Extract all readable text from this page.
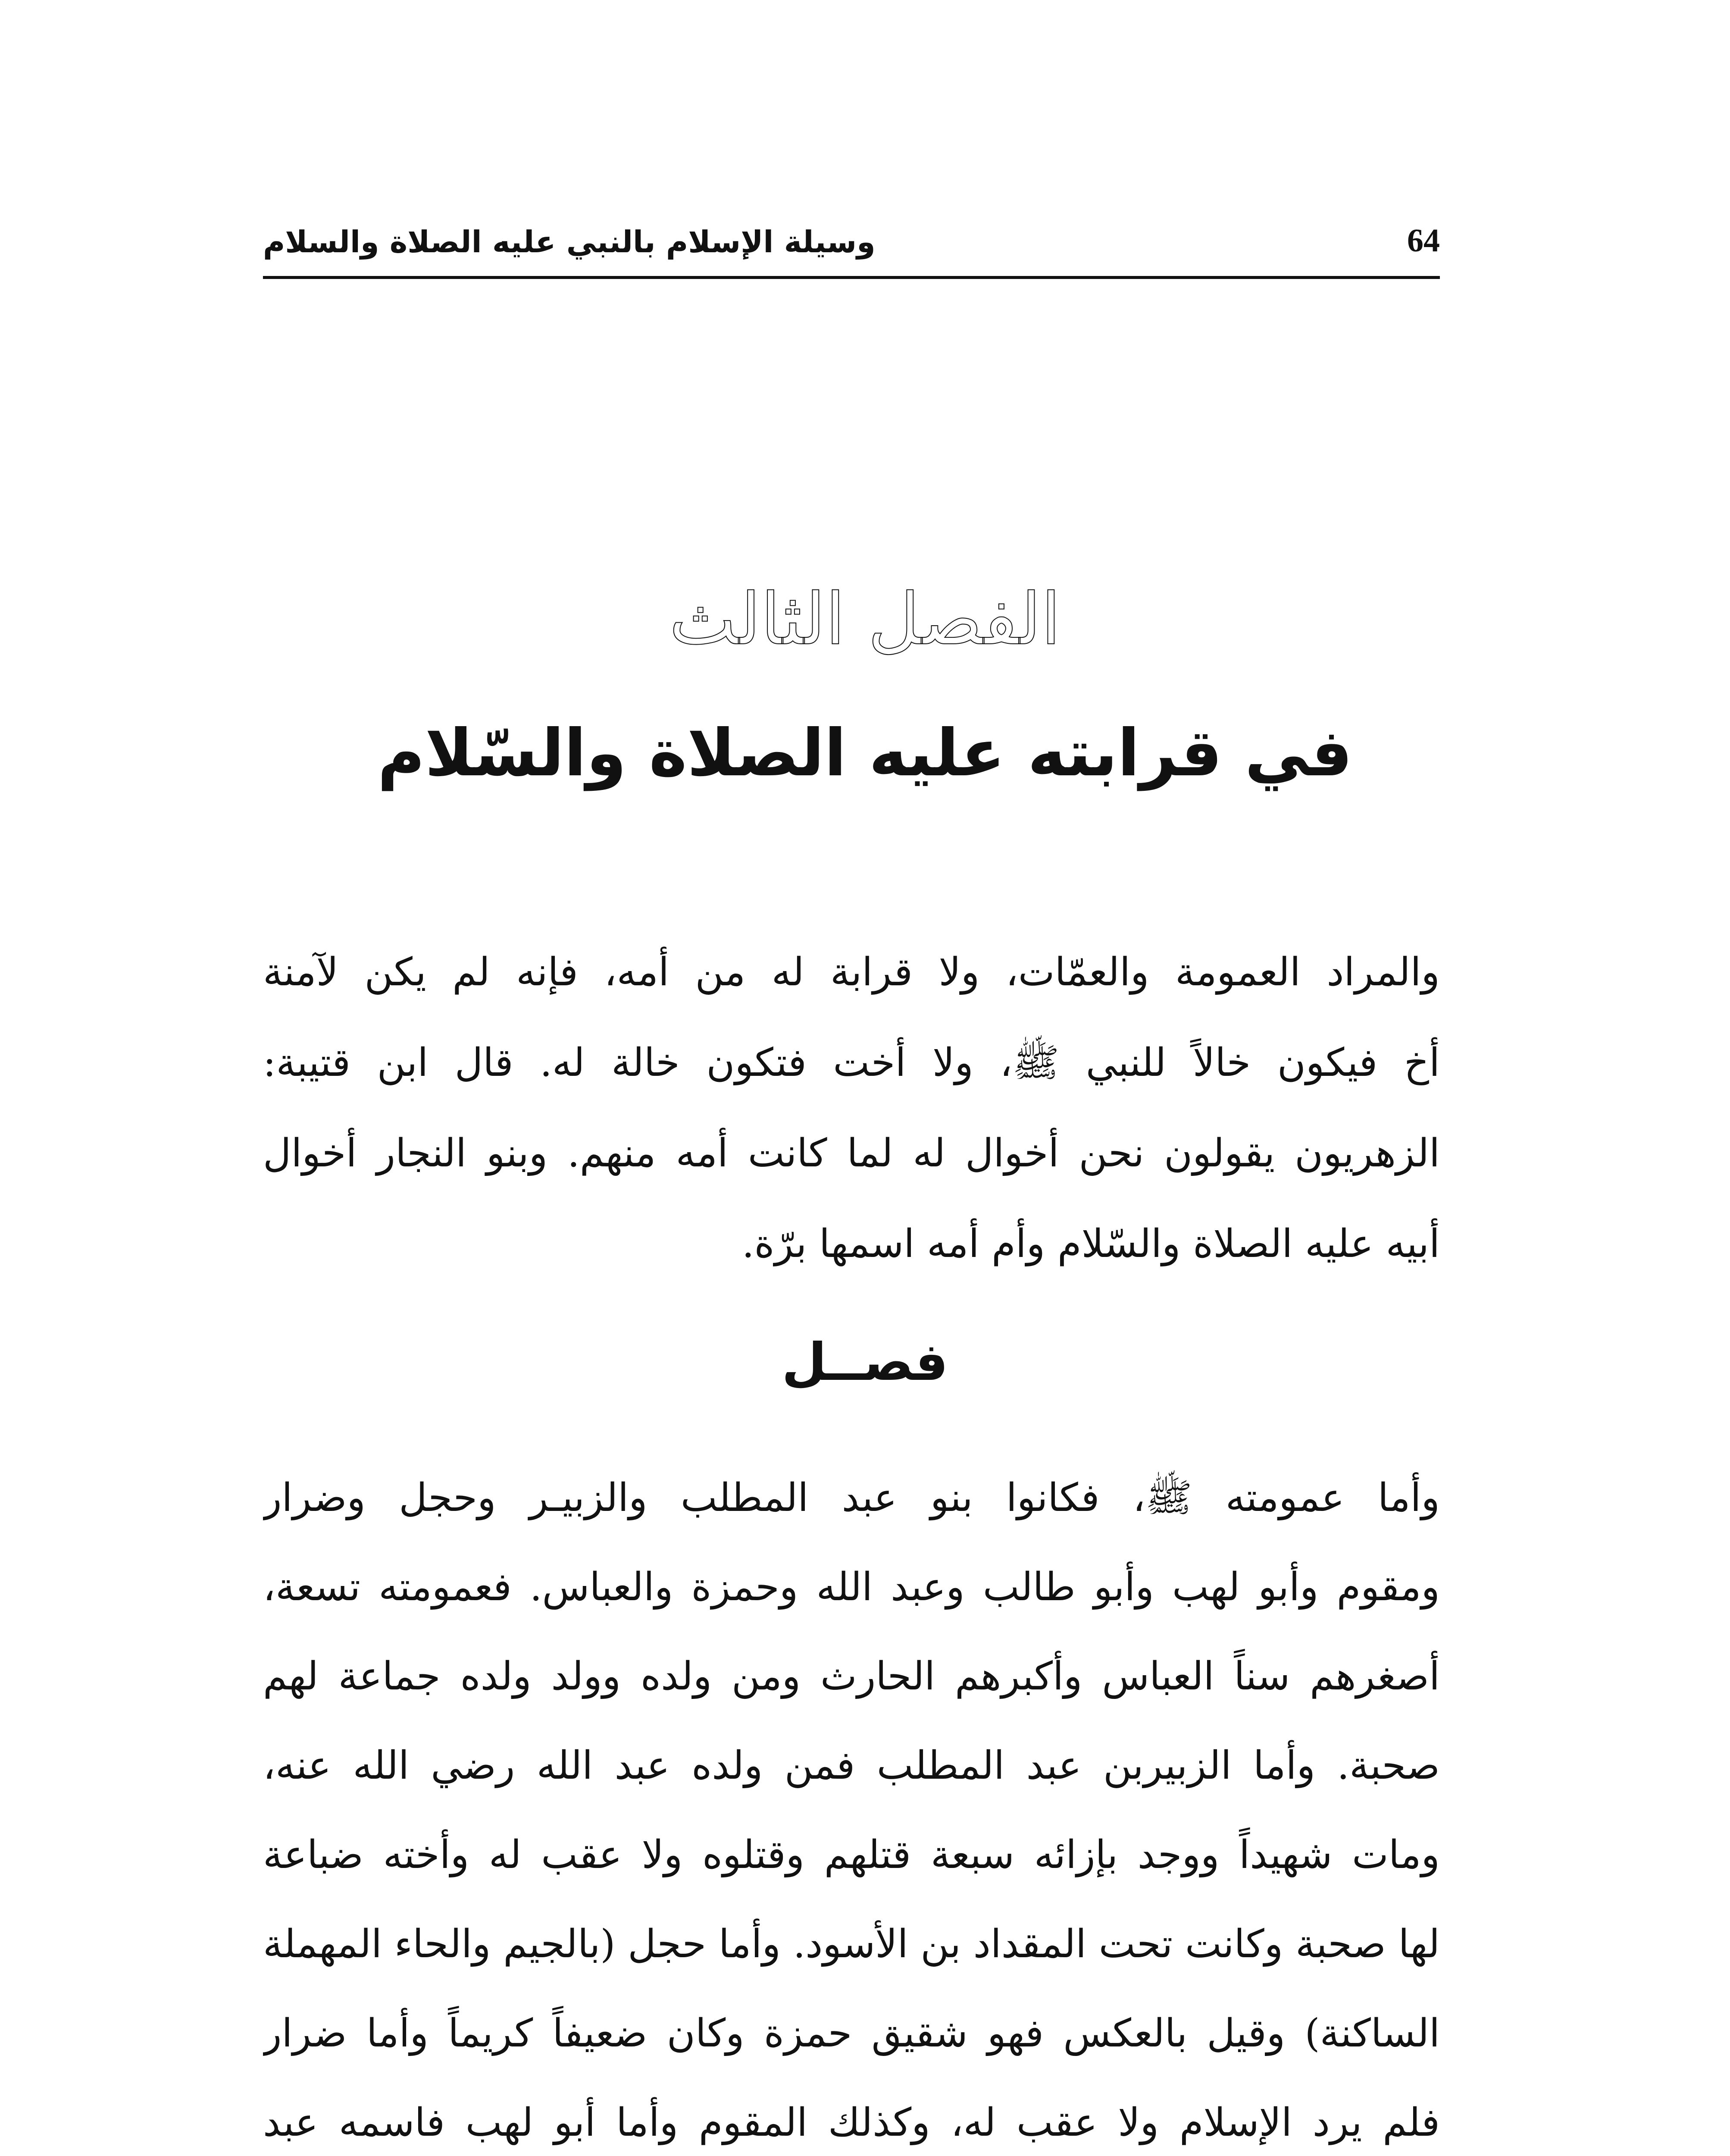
وسيلة الإسلام بالنبي عليه الصلاة والسلام	64
الفصل الثالث
في قرابته عليه الصلاة والسّلام
والمراد العمومة والعمّات، ولا قرابة له من أمه، فإنه لم يكن لآمنة
أخ فيكون خالاً للنبي ﷺ، ولا أخت فتكون خالة له. قال ابن قتيبة:
الزهريون يقولون نحن أخوال له لما كانت أمه منهم. وبنو النجار أخوال
أبيه عليه الصلاة والسّلام وأم أمه اسمها برّة.
فصــل
وأما عمومته ﷺ، فكانوا بنو عبد المطلب والزبيـر وحجل وضرار
ومقوم وأبو لهب وأبو طالب وعبد الله وحمزة والعباس. فعمومته تسعة،
أصغرهم سناً العباس وأكبرهم الحارث ومن ولده وولد ولده جماعة لهم
صحبة. وأما الزبيربن عبد المطلب فمن ولده عبد الله رضي الله عنه،
ومات شهيداً ووجد بإزائه سبعة قتلهم وقتلوه ولا عقب له وأخته ضباعة
لها صحبة وكانت تحت المقداد بن الأسود. وأما حجل (بالجيم والحاء المهملة
الساكنة) وقيل بالعكس فهو شقيق حمزة وكان ضعيفاً كريماً وأما ضرار
فلم يرد الإسلام ولا عقب له، وكذلك المقوم وأما أبو لهب فاسمه عبد
